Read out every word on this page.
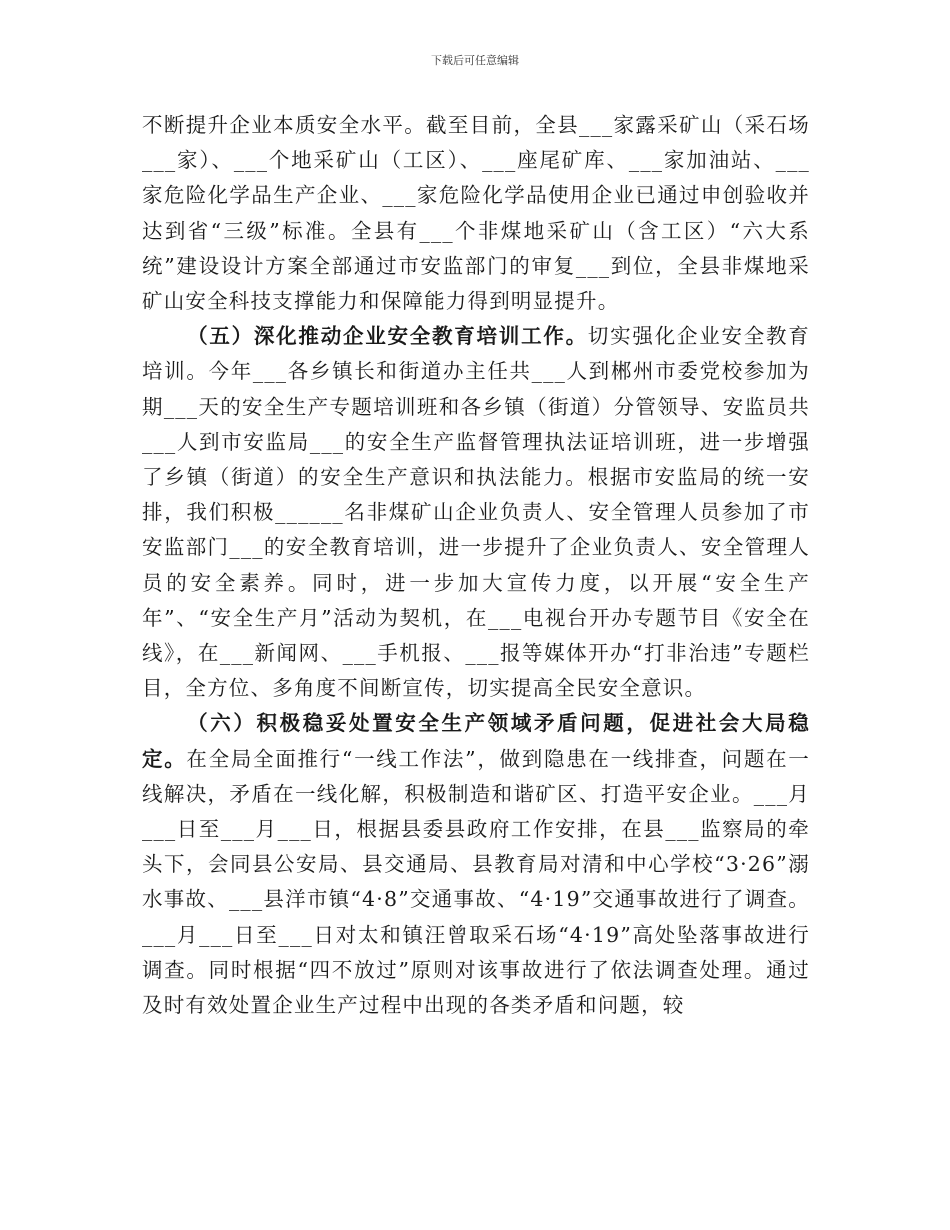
下载后可任意编辑

不断提升企业本质安全水平。截至目前，全县___家露采矿山（采石场___家）、___个地采矿山（工区）、___座尾矿库、___家加油站、___家危险化学品生产企业、___家危险化学品使用企业已通过申创验收并达到省“三级”标准。全县有___个非煤地采矿山（含工区）“六大系统”建设设计方案全部通过市安监部门的审复___到位，全县非煤地采矿山安全科技支撑能力和保障能力得到明显提升。

（五）深化推动企业安全教育培训工作。切实强化企业安全教育培训。今年___各乡镇长和街道办主任共___人到郴州市委党校参加为期___天的安全生产专题培训班和各乡镇（街道）分管领导、安监员共___人到市安监局___的安全生产监督管理执法证培训班，进一步增强了乡镇（街道）的安全生产意识和执法能力。根据市安监局的统一安排，我们积极______名非煤矿山企业负责人、安全管理人员参加了市安监部门___的安全教育培训，进一步提升了企业负责人、安全管理人员的安全素养。同时，进一步加大宣传力度，以开展“安全生产年”、“安全生产月”活动为契机，在___电视台开办专题节目《安全在线》，在___新闻网、___手机报、___报等媒体开办“打非治违”专题栏目，全方位、多角度不间断宣传，切实提高全民安全意识。

（六）积极稳妥处置安全生产领域矛盾问题，促进社会大局稳定。在全局全面推行“一线工作法”，做到隐患在一线排查，问题在一线解决，矛盾在一线化解，积极制造和谐矿区、打造平安企业。___月___日至___月___日，根据县委县政府工作安排，在县___监察局的牵头下，会同县公安局、县交通局、县教育局对清和中心学校“3·26”溺水事故、___县洋市镇“4·8”交通事故、“4·19”交通事故进行了调查。___月___日至___日对太和镇汪曾取采石场“4·19”高处坠落事故进行调查。同时根据“四不放过”原则对该事故进行了依法调查处理。通过及时有效处置企业生产过程中出现的各类矛盾和问题，较
